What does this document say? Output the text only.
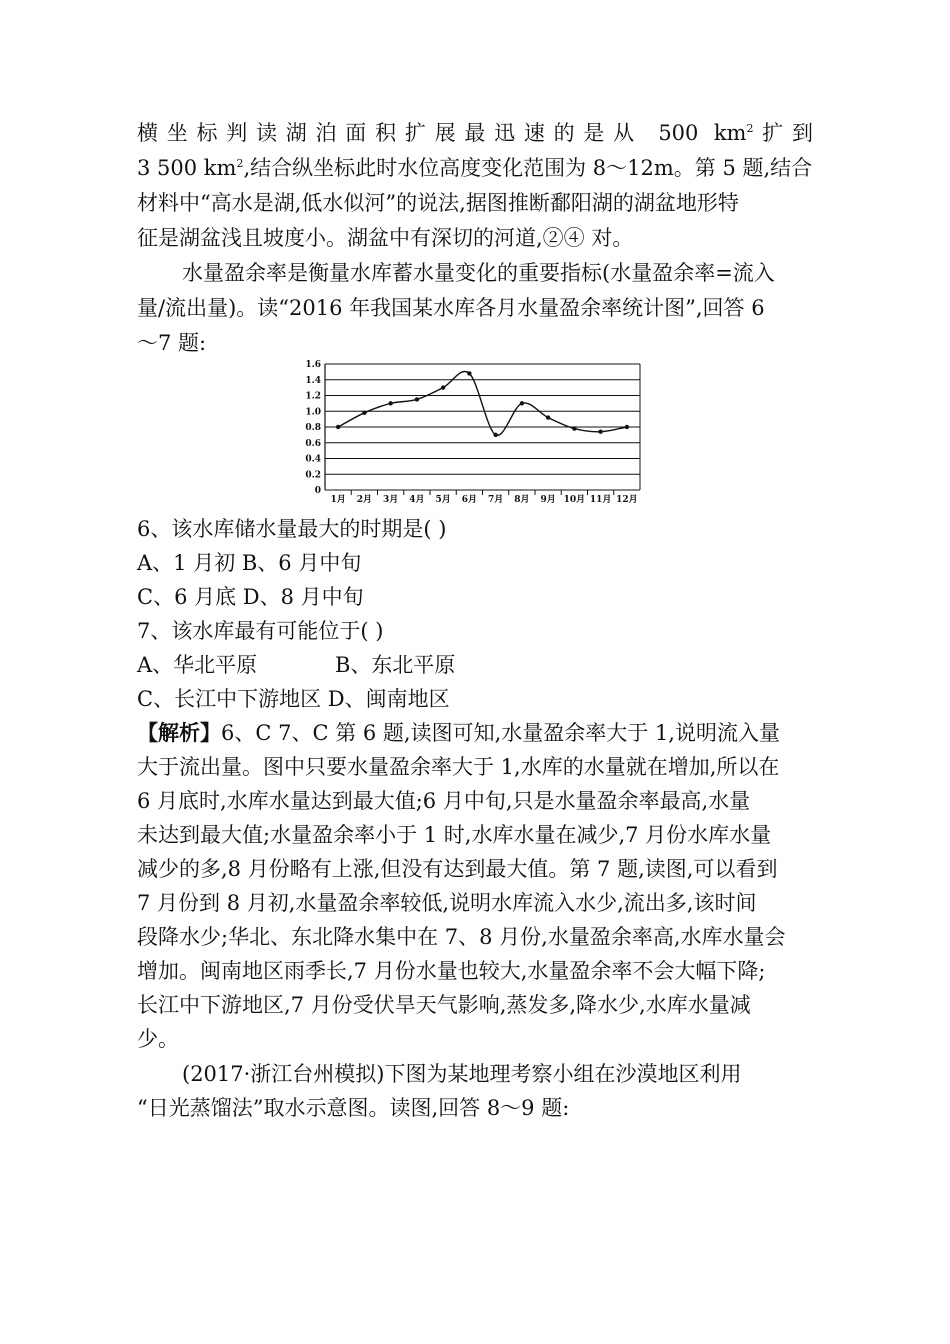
横坐标判读湖泊面积扩展最迅速的是从 500 $km^2$扩到
3 500 $km^2$,结合纵坐标此时水位高度变化范围为 8～12m。第 5 题,结合
材料中“高水是湖,低水似河”的说法,据图推断鄱阳湖的湖盆地形特
征是湖盆浅且坡度小。湖盆中有深切的河道,②④ 对。
水量盈余率是衡量水库蓄水量变化的重要指标(水量盈余率=流入
量/流出量)。读“2016 年我国某水库各月水量盈余率统计图”,回答 6
～7 题:
0
0.2
0.4
0.6
0.8
1.0
1.2
1.4
1.6
1月 2月 3月 4月 5月 6月 7月 8月 9月 10月 11月 12月
6、该水库储水量最大的时期是( )
A、1 月初 B、6 月中旬
C、6 月底 D、8 月中旬
7、该水库最有可能位于( )
A、华北平原	B、东北平原
C、长江中下游地区 D、闽南地区
【解析】6、C 7、C 第 6 题,读图可知,水量盈余率大于 1,说明流入量
大于流出量。图中只要水量盈余率大于 1,水库的水量就在增加,所以在
6 月底时,水库水量达到最大值;6 月中旬,只是水量盈余率最高,水量
未达到最大值;水量盈余率小于 1 时,水库水量在减少,7 月份水库水量
减少的多,8 月份略有上涨,但没有达到最大值。第 7 题,读图,可以看到
7 月份到 8 月初,水量盈余率较低,说明水库流入水少,流出多,该时间
段降水少;华北、东北降水集中在 7、8 月份,水量盈余率高,水库水量会
增加。闽南地区雨季长,7 月份水量也较大,水量盈余率不会大幅下降;
长江中下游地区,7 月份受伏旱天气影响,蒸发多,降水少,水库水量减
少。
(2017·浙江台州模拟)下图为某地理考察小组在沙漠地区利用
“日光蒸馏法”取水示意图。读图,回答 8～9 题:
